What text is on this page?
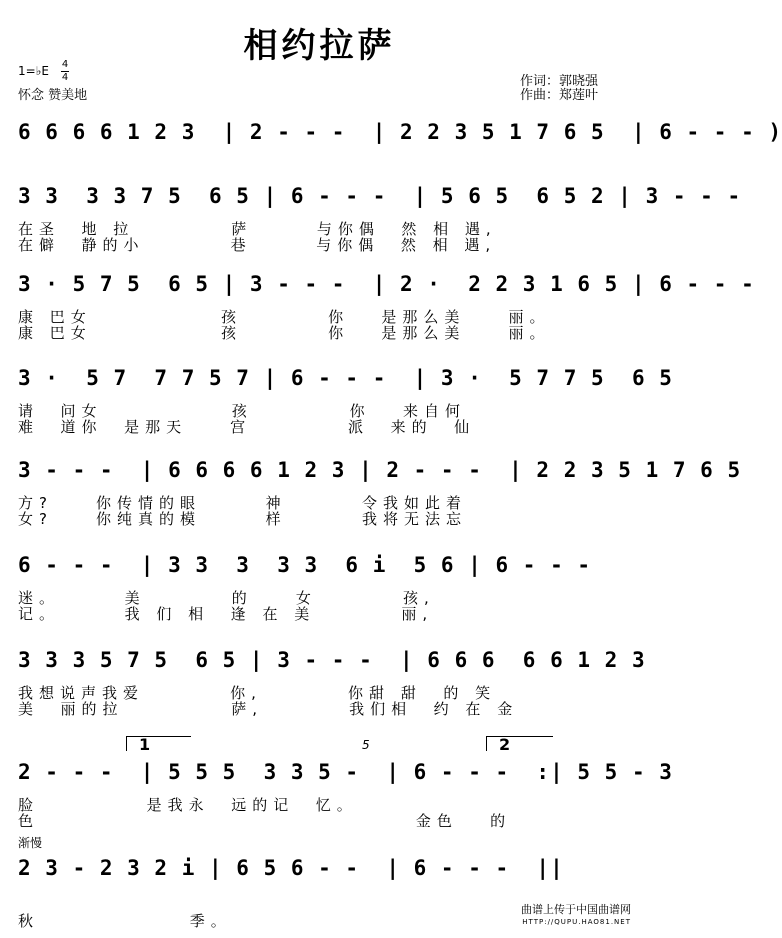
相约拉萨
1=♭E 4
4
怀念 赞美地
作词：郭晓强
作曲：郑莲叶
6 6 6 6 1 2 3  | 2 - - -  | 2 2 3 5 1 7 6 5  | 6 - - - )
3 3  3 3 7 5  6 5 | 6 - - -  | 5 6 5  6 5 2 | 3 - - -
在圣  地 拉         萨      与你偶  然 相 遇,
在僻  静的小        巷      与你偶  然 相 遇,
3 · 5 7 5  6 5 | 3 - - -  | 2 ·  2 2 3 1 6 5 | 6 - - -
康 巴女            孩        你   是那么美    丽。
康 巴女            孩        你   是那么美    丽。
3 ·  5 7  7 7 5 7 | 6 - - -  | 3 ·  5 7 7 5  6 5
请  问女            孩         你   来自何
难  道你  是那天    宫         派  来的  仙
3 - - -  | 6 6 6 6 1 2 3 | 2 - - -  | 2 2 3 5 1 7 6 5
方?    你传情的眼      神       令我如此着
女?    你纯真的模      样       我将无法忘
6 - - -  | 3 3  3  3 3  6 i  5 6 | 6 - - -
迷。      美        的    女        孩,
记。      我 们 相  逢 在 美        丽,
3 3 3 5 7 5  6 5 | 3 - - -  | 6 6 6  6 6 1 2 3
我想说声我爱        你,        你甜 甜  的 笑
美  丽的拉          萨,        我们相  约 在 金
1	5	2
2 - - -  | 5 5 5  3 3 5 -  | 6 - - -  :| 5 5 - 3
脸          是我永  远的记  忆。
色                                   金色   的
渐慢
2 3 - 2 3 2 i | 6 5 6 - -  | 6 - - -  ||
秋              季。
曲谱上传于中国曲谱网
HTTP://QUPU.HAO81.NET
